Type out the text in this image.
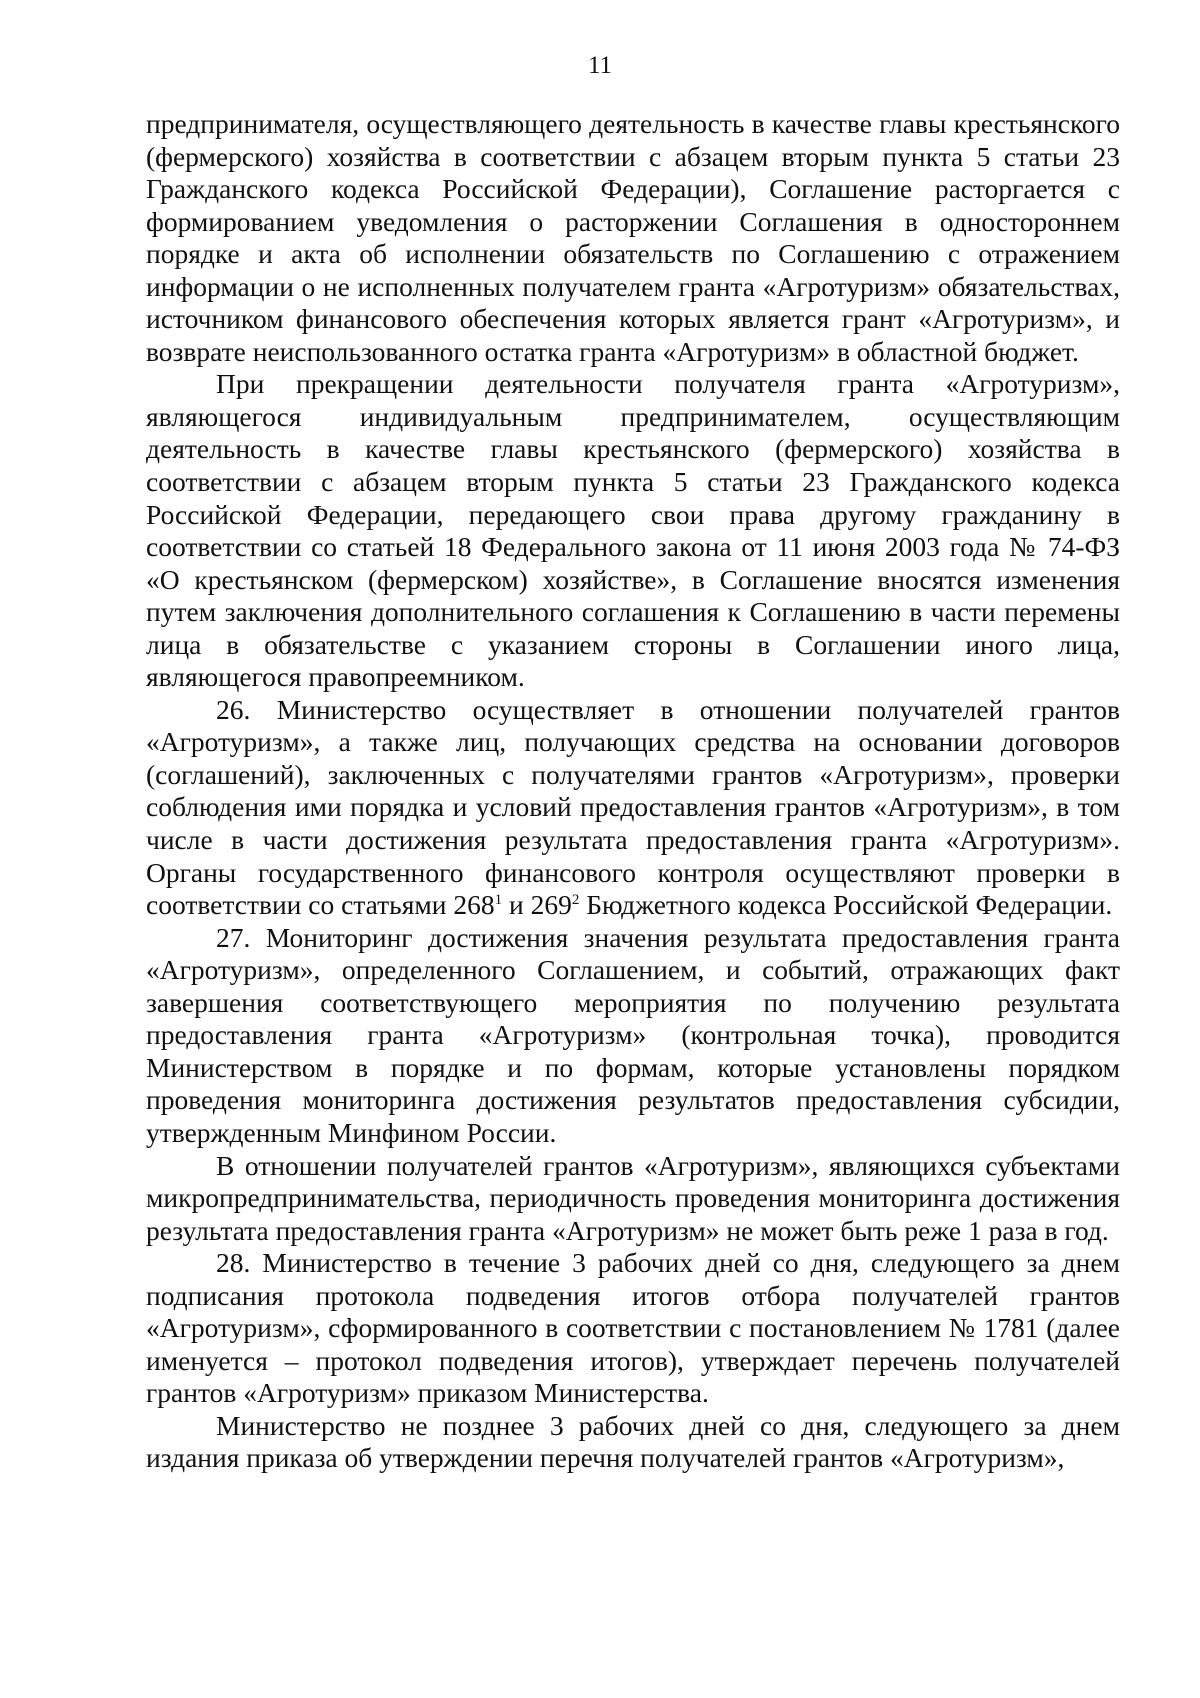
11

предпринимателя, осуществляющего деятельность в качестве главы крестьянского (фермерского) хозяйства в соответствии с абзацем вторым пункта 5 статьи 23 Гражданского кодекса Российской Федерации), Соглашение расторгается с формированием уведомления о расторжении Соглашения в одностороннем порядке и акта об исполнении обязательств по Соглашению с отражением информации о не исполненных получателем гранта «Агротуризм» обязательствах, источником финансового обеспечения которых является грант «Агротуризм», и возврате неиспользованного остатка гранта «Агротуризм» в областной бюджет.

При прекращении деятельности получателя гранта «Агротуризм», являющегося индивидуальным предпринимателем, осуществляющим деятельность в качестве главы крестьянского (фермерского) хозяйства в соответствии с абзацем вторым пункта 5 статьи 23 Гражданского кодекса Российской Федерации, передающего свои права другому гражданину в соответствии со статьей 18 Федерального закона от 11 июня 2003 года № 74-ФЗ «О крестьянском (фермерском) хозяйстве», в Соглашение вносятся изменения путем заключения дополнительного соглашения к Соглашению в части перемены лица в обязательстве с указанием стороны в Соглашении иного лица, являющегося правопреемником.

26. Министерство осуществляет в отношении получателей грантов «Агротуризм», а также лиц, получающих средства на основании договоров (соглашений), заключенных с получателями грантов «Агротуризм», проверки соблюдения ими порядка и условий предоставления грантов «Агротуризм», в том числе в части достижения результата предоставления гранта «Агротуризм». Органы государственного финансового контроля осуществляют проверки в соответствии со статьями $268^1$ и $269^2$ Бюджетного кодекса Российской Федерации.

27. Мониторинг достижения значения результата предоставления гранта «Агротуризм», определенного Соглашением, и событий, отражающих факт завершения соответствующего мероприятия по получению результата предоставления гранта «Агротуризм» (контрольная точка), проводится Министерством в порядке и по формам, которые установлены порядком проведения мониторинга достижения результатов предоставления субсидии, утвержденным Минфином России.

В отношении получателей грантов «Агротуризм», являющихся субъектами микропредпринимательства, периодичность проведения мониторинга достижения результата предоставления гранта «Агротуризм» не может быть реже 1 раза в год.

28. Министерство в течение 3 рабочих дней со дня, следующего за днем подписания протокола подведения итогов отбора получателей грантов «Агротуризм», сформированного в соответствии с постановлением № 1781 (далее именуется – протокол подведения итогов), утверждает перечень получателей грантов «Агротуризм» приказом Министерства.

Министерство не позднее 3 рабочих дней со дня, следующего за днем издания приказа об утверждении перечня получателей грантов «Агротуризм»,
